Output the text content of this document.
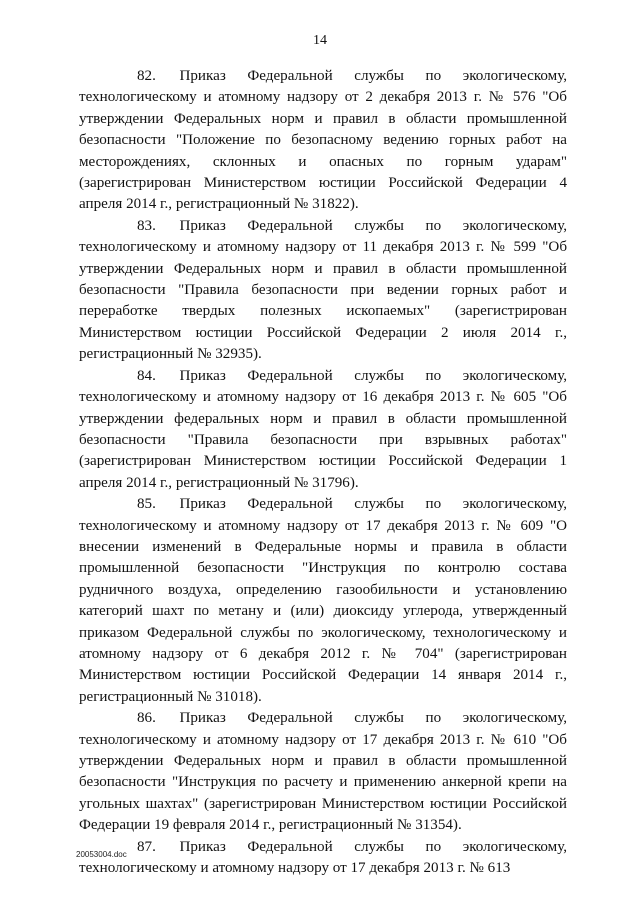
14

82. Приказ Федеральной службы по экологическому, технологическому и атомному надзору от 2 декабря 2013 г. № 576 "Об утверждении Федеральных норм и правил в области промышленной безопасности "Положение по безопасному ведению горных работ на месторождениях, склонных и опасных по горным ударам" (зарегистрирован Министерством юстиции Российской Федерации 4 апреля 2014 г., регистрационный № 31822).

83. Приказ Федеральной службы по экологическому, технологическому и атомному надзору от 11 декабря 2013 г. № 599 "Об утверждении Федеральных норм и правил в области промышленной безопасности "Правила безопасности при ведении горных работ и переработке твердых полезных ископаемых" (зарегистрирован Министерством юстиции Российской Федерации 2 июля 2014 г., регистрационный № 32935).

84. Приказ Федеральной службы по экологическому, технологическому и атомному надзору от 16 декабря 2013 г. № 605 "Об утверждении федеральных норм и правил в области промышленной безопасности "Правила безопасности при взрывных работах" (зарегистрирован Министерством юстиции Российской Федерации 1 апреля 2014 г., регистрационный № 31796).

85. Приказ Федеральной службы по экологическому, технологическому и атомному надзору от 17 декабря 2013 г. № 609 "О внесении изменений в Федеральные нормы и правила в области промышленной безопасности "Инструкция по контролю состава рудничного воздуха, определению газообильности и установлению категорий шахт по метану и (или) диоксиду углерода, утвержденный приказом Федеральной службы по экологическому, технологическому и атомному надзору от 6 декабря 2012 г. № 704" (зарегистрирован Министерством юстиции Российской Федерации 14 января 2014 г., регистрационный № 31018).

86. Приказ Федеральной службы по экологическому, технологическому и атомному надзору от 17 декабря 2013 г. № 610 "Об утверждении Федеральных норм и правил в области промышленной безопасности "Инструкция по расчету и применению анкерной крепи на угольных шахтах" (зарегистрирован Министерством юстиции Российской Федерации 19 февраля 2014 г., регистрационный № 31354).

87. Приказ Федеральной службы по экологическому, технологическому и атомному надзору от 17 декабря 2013 г. № 613

20053004.doc
